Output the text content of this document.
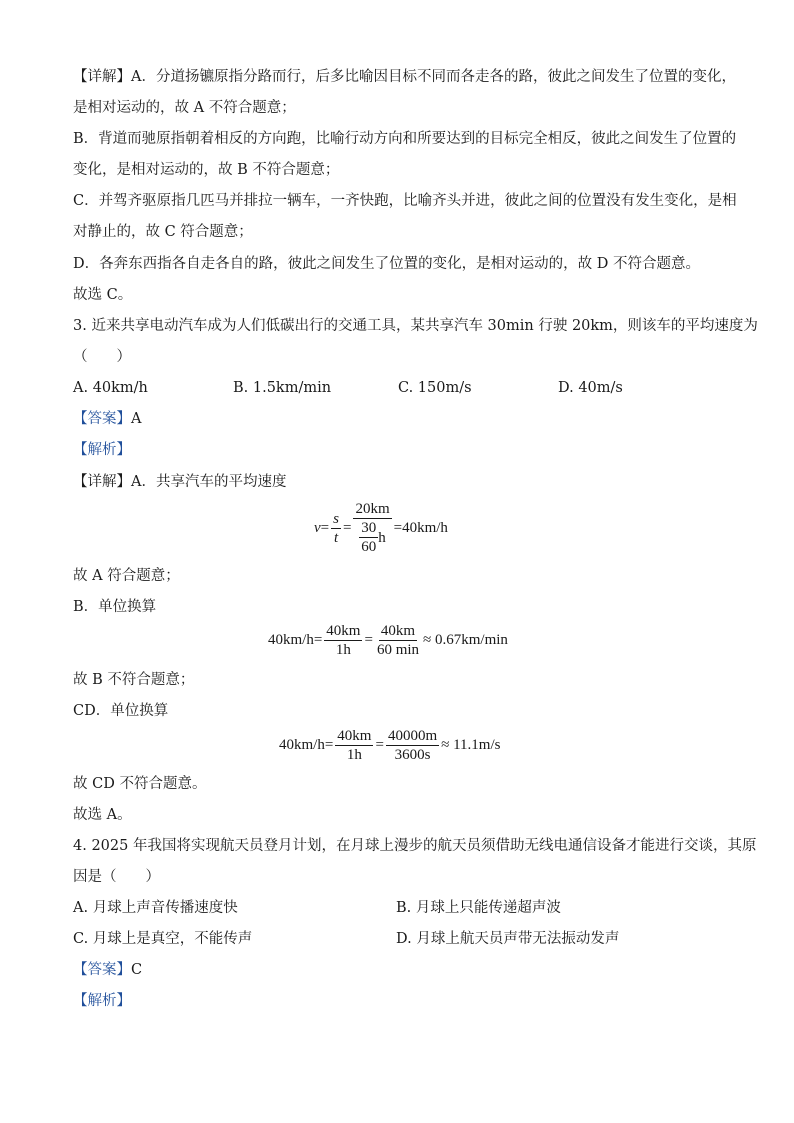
【详解】A．分道扬镳原指分路而行，后多比喻因目标不同而各走各的路，彼此之间发生了位置的变化，
是相对运动的，故 A 不符合题意；
B．背道而驰原指朝着相反的方向跑，比喻行动方向和所要达到的目标完全相反，彼此之间发生了位置的
变化，是相对运动的，故 B 不符合题意；
C．并驾齐驱原指几匹马并排拉一辆车，一齐快跑，比喻齐头并进，彼此之间的位置没有发生变化，是相
对静止的，故 C 符合题意；
D．各奔东西指各自走各自的路，彼此之间发生了位置的变化，是相对运动的，故 D 不符合题意。
故选 C。
3. 近来共享电动汽车成为人们低碳出行的交通工具，某共享汽车 30min 行驶 20km，则该车的平均速度为
（　　）
A. 40km/h	B. 1.5km/min	C. 150m/s	D. 40m/s
【答案】A
【解析】
【详解】A．共享汽车的平均速度
$v = \frac{s}{t} = \frac{20km}{\frac{30}{60} h} =40km/h$
故 A 符合题意；
B．单位换算
$40km/h= \frac{40km}{1h} = \frac{40km}{60 \min} \approx 0.67km/\min$
故 B 不符合题意；
CD．单位换算
$40km/h= \frac{40km}{1h} = \frac{40000m}{3600s} \approx 11.1m/s$
故 CD 不符合题意。
故选 A。
4. 2025 年我国将实现航天员登月计划，在月球上漫步的航天员须借助无线电通信设备才能进行交谈，其原
因是（　　）
A. 月球上声音传播速度快	B. 月球上只能传递超声波
C. 月球上是真空，不能传声	D. 月球上航天员声带无法振动发声
【答案】C
【解析】
